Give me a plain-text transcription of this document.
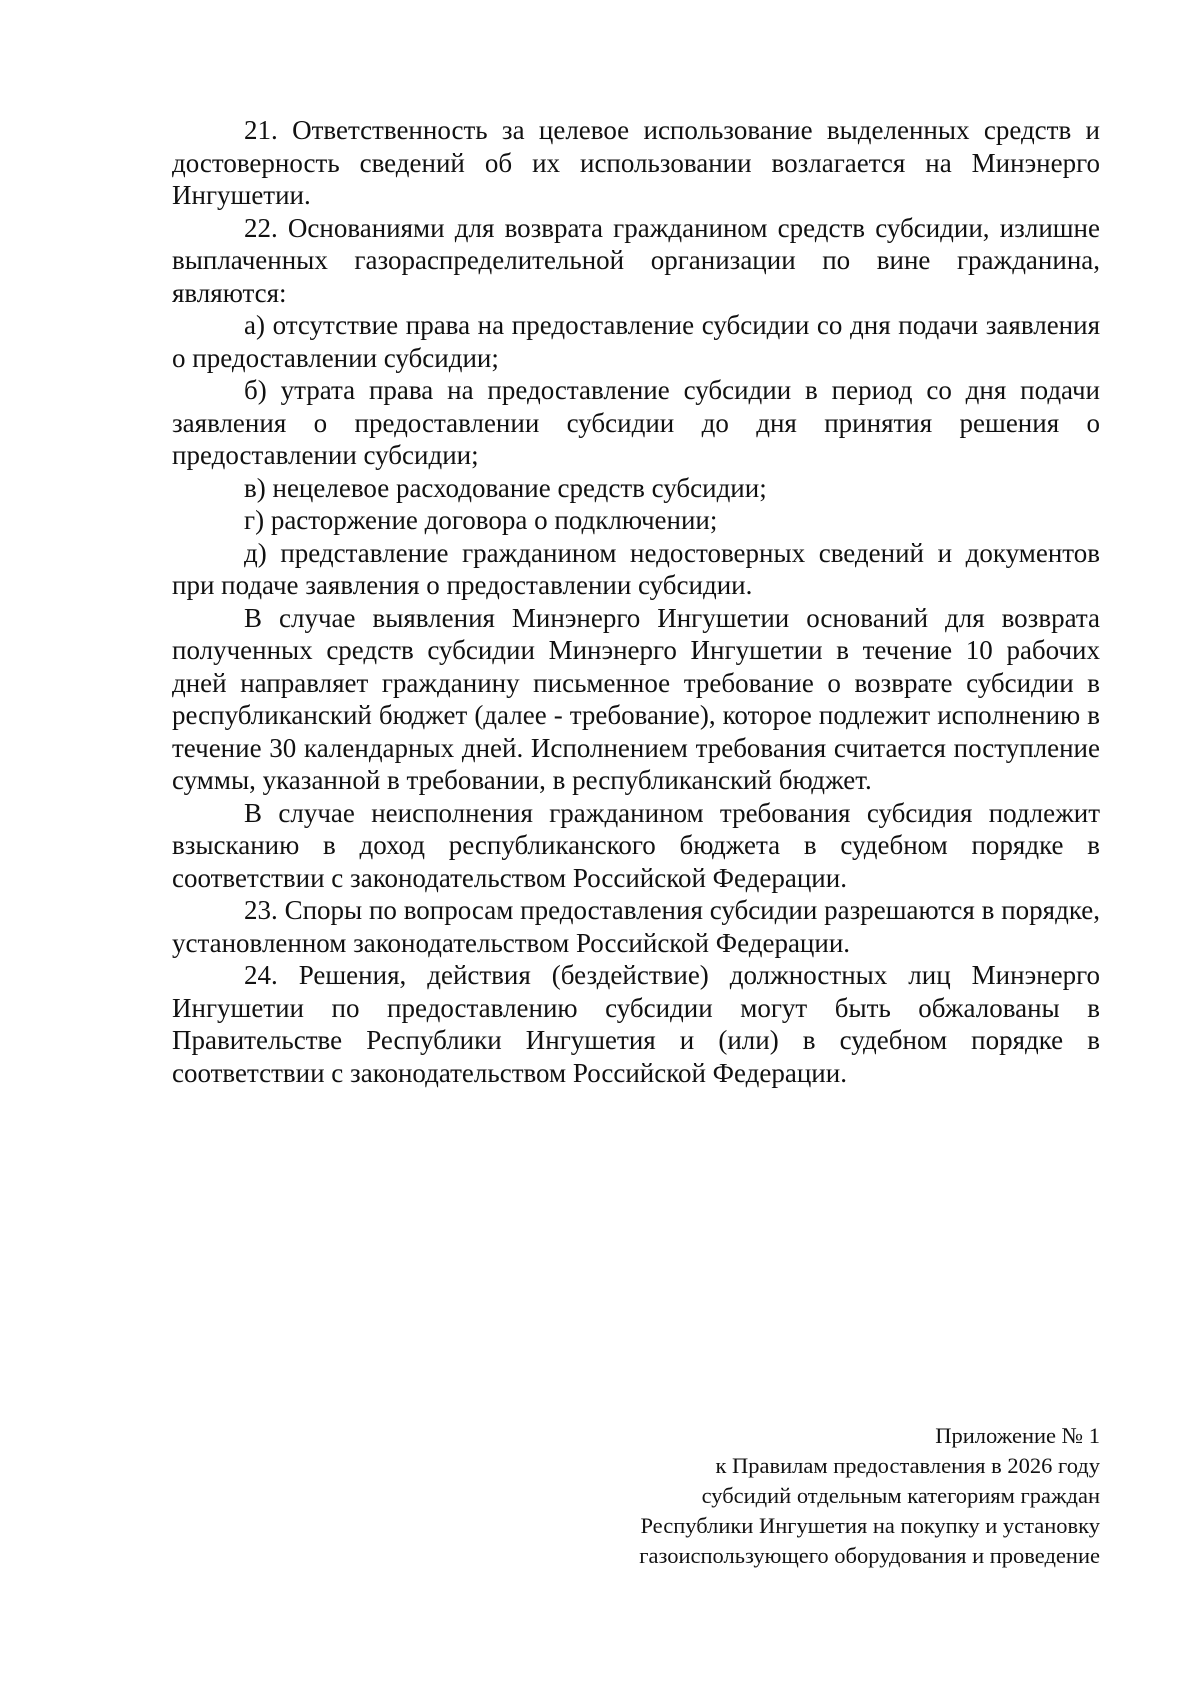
21. Ответственность за целевое использование выделенных средств и достоверность сведений об их использовании возлагается на Минэнерго Ингушетии.

22. Основаниями для возврата гражданином средств субсидии, излишне выплаченных газораспределительной организации по вине гражданина, являются:

а) отсутствие права на предоставление субсидии со дня подачи заявления о предоставлении субсидии;

б) утрата права на предоставление субсидии в период со дня подачи заявления о предоставлении субсидии до дня принятия решения о предоставлении субсидии;

в) нецелевое расходование средств субсидии;

г) расторжение договора о подключении;

д) представление гражданином недостоверных сведений и документов при подаче заявления о предоставлении субсидии.

В случае выявления Минэнерго Ингушетии оснований для возврата полученных средств субсидии Минэнерго Ингушетии в течение 10 рабочих дней направляет гражданину письменное требование о возврате субсидии в республиканский бюджет (далее - требование), которое подлежит исполнению в течение 30 календарных дней. Исполнением требования считается поступление суммы, указанной в требовании, в республиканский бюджет.

В случае неисполнения гражданином требования субсидия подлежит взысканию в доход республиканского бюджета в судебном порядке в соответствии с законодательством Российской Федерации.

23. Споры по вопросам предоставления субсидии разрешаются в порядке, установленном законодательством Российской Федерации.

24. Решения, действия (бездействие) должностных лиц Минэнерго Ингушетии по предоставлению субсидии могут быть обжалованы в Правительстве Республики Ингушетия и (или) в судебном порядке в соответствии с законодательством Российской Федерации.

Приложение № 1
к Правилам предоставления в 2026 году
субсидий отдельным категориям граждан
Республики Ингушетия на покупку и установку
газоиспользующего оборудования и проведение
